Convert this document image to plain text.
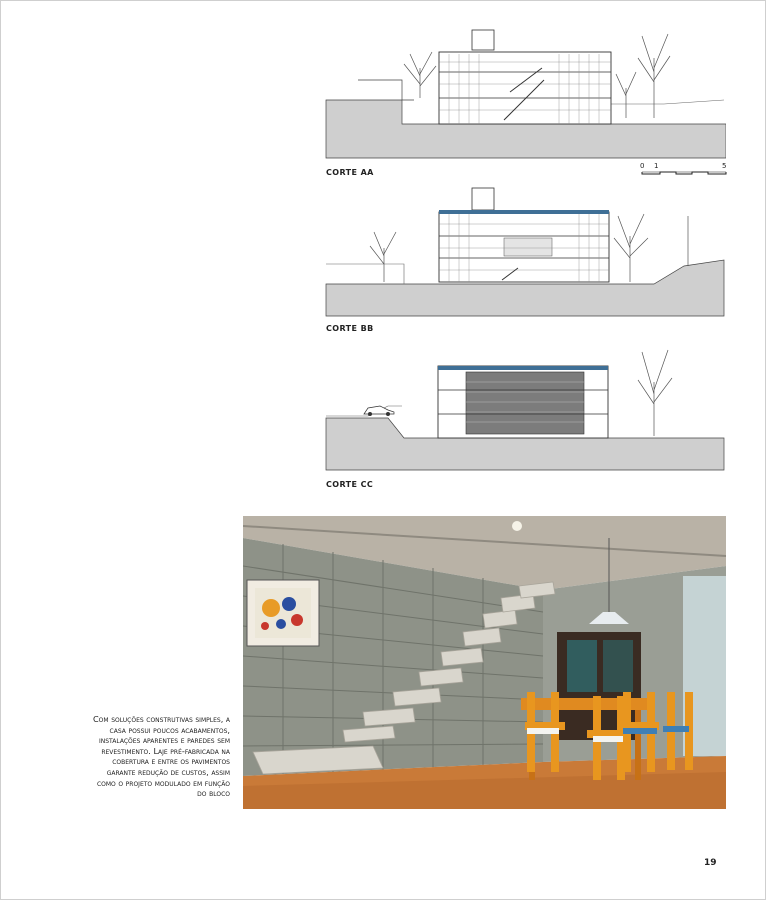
CORTE AA
0 1	5
CORTE BB
CORTE CC
Com soluções construtivas simples, a casa possui poucos acabamentos, instalações aparentes e paredes sem revestimento. Laje pré-fabricada na cobertura e entre os pavimentos garante redução de custos, assim como o projeto modulado em função do bloco
19
